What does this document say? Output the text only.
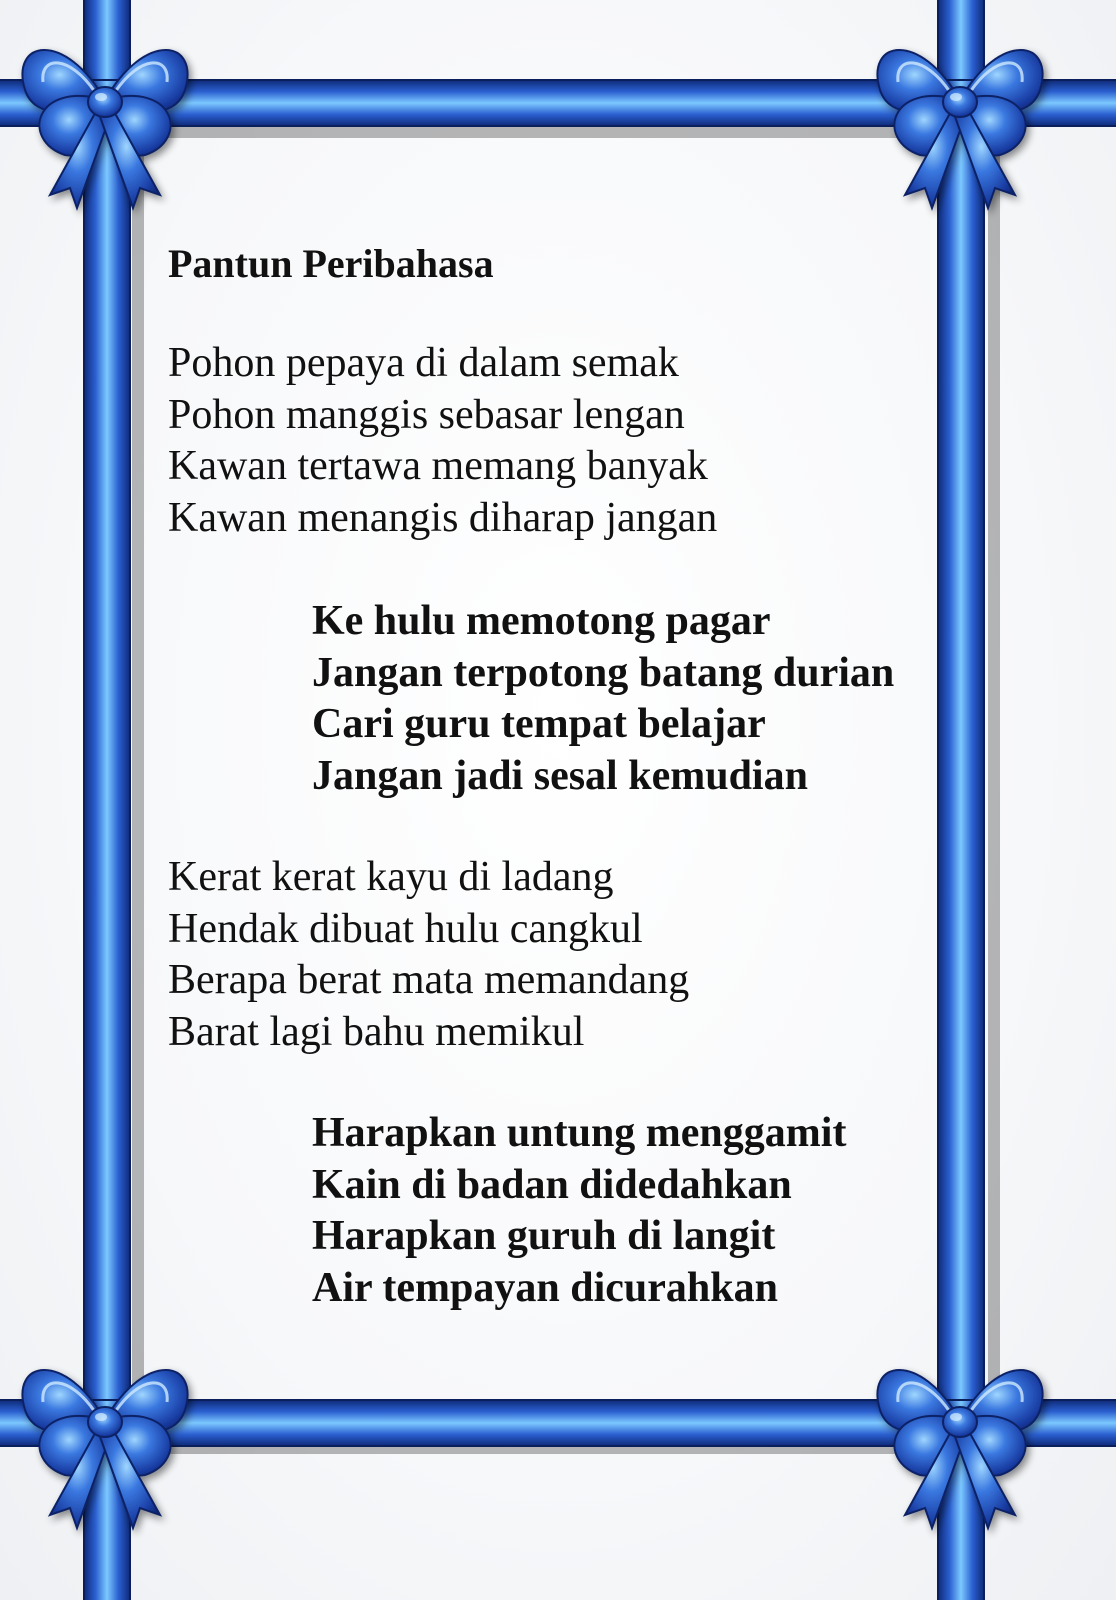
Pantun Peribahasa
Pohon pepaya di dalam semak
Pohon manggis sebasar lengan
Kawan tertawa memang banyak
Kawan menangis diharap jangan
Ke hulu memotong pagar
Jangan terpotong batang durian
Cari guru tempat belajar
Jangan jadi sesal kemudian
Kerat kerat kayu di ladang
Hendak dibuat hulu cangkul
Berapa berat mata memandang
Barat lagi bahu memikul
Harapkan untung menggamit
Kain di badan didedahkan
Harapkan guruh di langit
Air tempayan dicurahkan
